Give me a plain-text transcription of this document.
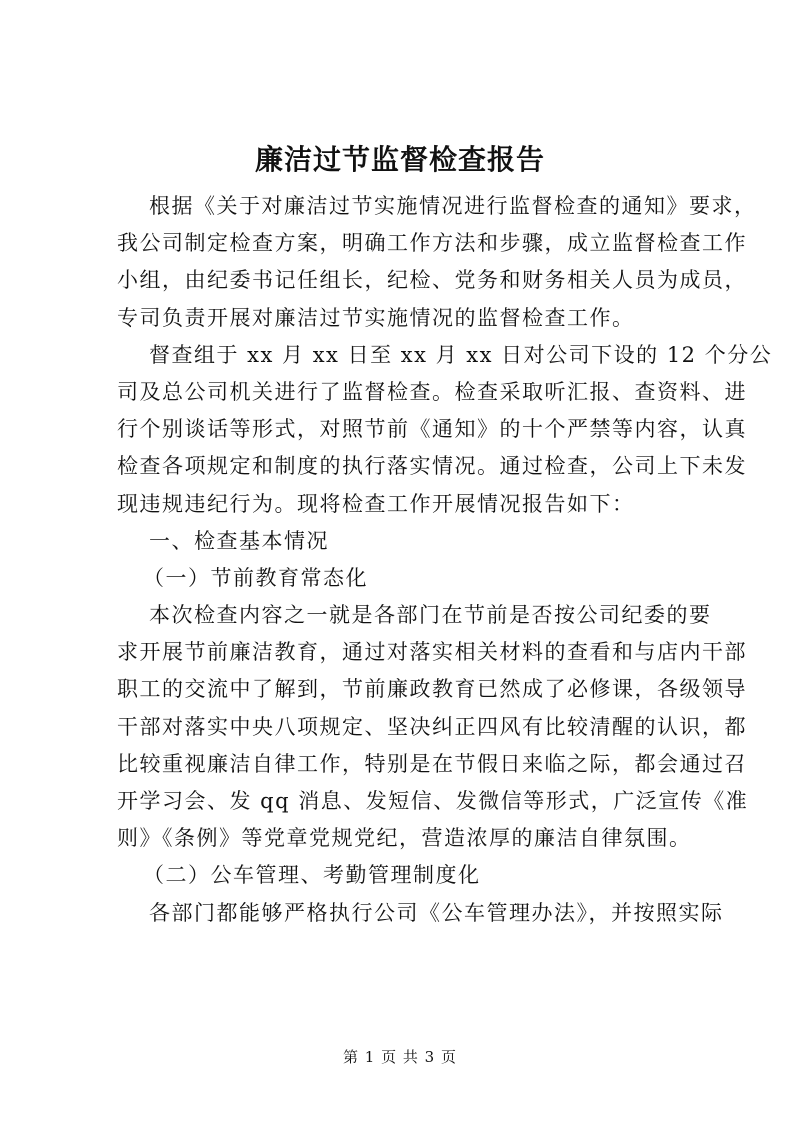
廉洁过节监督检查报告
根据《关于对廉洁过节实施情况进行监督检查的通知》要求，
我公司制定检查方案，明确工作方法和步骤，成立监督检查工作
小组，由纪委书记任组长，纪检、党务和财务相关人员为成员，
专司负责开展对廉洁过节实施情况的监督检查工作。
督查组于 xx 月 xx 日至 xx 月 xx 日对公司下设的 12 个分公
司及总公司机关进行了监督检查。检查采取听汇报、查资料、进
行个别谈话等形式，对照节前《通知》的十个严禁等内容，认真
检查各项规定和制度的执行落实情况。通过检查，公司上下未发
现违规违纪行为。现将检查工作开展情况报告如下：
一、检查基本情况
（一）节前教育常态化
本次检查内容之一就是各部门在节前是否按公司纪委的要
求开展节前廉洁教育，通过对落实相关材料的查看和与店内干部
职工的交流中了解到，节前廉政教育已然成了必修课，各级领导
干部对落实中央八项规定、坚决纠正四风有比较清醒的认识，都
比较重视廉洁自律工作，特别是在节假日来临之际，都会通过召
开学习会、发 qq 消息、发短信、发微信等形式，广泛宣传《准
则》《条例》等党章党规党纪，营造浓厚的廉洁自律氛围。
（二）公车管理、考勤管理制度化
各部门都能够严格执行公司《公车管理办法》，并按照实际
第 1 页 共 3 页
